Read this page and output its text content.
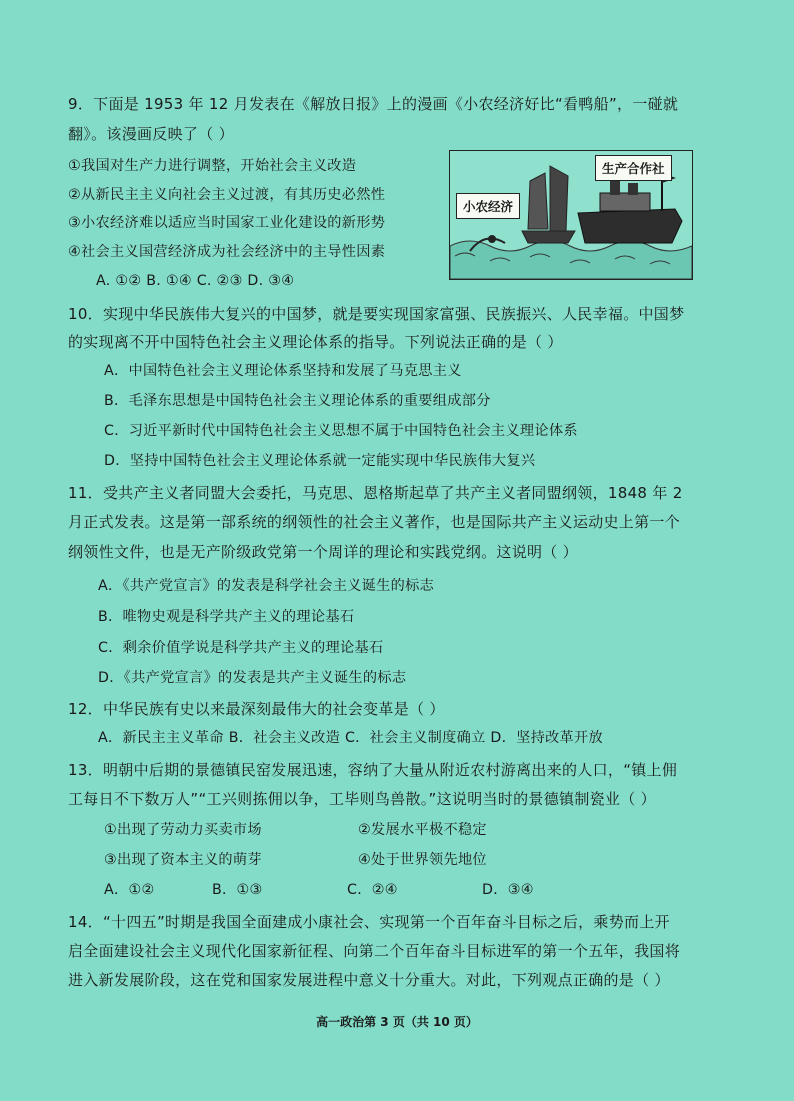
9．下面是 1953 年 12 月发表在《解放日报》上的漫画《小农经济好比“看鸭船”，一碰就
翻》。该漫画反映了（ ）
①我国对生产力进行调整，开始社会主义改造
②从新民主主义向社会主义过渡，有其历史必然性
③小农经济难以适应当时国家工业化建设的新形势
④社会主义国营经济成为社会经济中的主导性因素
A. ①② B. ①④ C. ②③ D. ③④
小农经济
生产合作社
10．实现中华民族伟大复兴的中国梦，就是要实现国家富强、民族振兴、人民幸福。中国梦
的实现离不开中国特色社会主义理论体系的指导。下列说法正确的是（ ）
A．中国特色社会主义理论体系坚持和发展了马克思主义
B．毛泽东思想是中国特色社会主义理论体系的重要组成部分
C．习近平新时代中国特色社会主义思想不属于中国特色社会主义理论体系
D．坚持中国特色社会主义理论体系就一定能实现中华民族伟大复兴
11．受共产主义者同盟大会委托，马克思、恩格斯起草了共产主义者同盟纲领，1848 年 2
月正式发表。这是第一部系统的纲领性的社会主义著作，也是国际共产主义运动史上第一个
纲领性文件，也是无产阶级政党第一个周详的理论和实践党纲。这说明（ ）
A．《共产党宣言》的发表是科学社会主义诞生的标志
B．唯物史观是科学共产主义的理论基石
C．剩余价值学说是科学共产主义的理论基石
D．《共产党宣言》的发表是共产主义诞生的标志
12．中华民族有史以来最深刻最伟大的社会变革是（ ）
A．新民主主义革命 B．社会主义改造 C．社会主义制度确立 D．坚持改革开放
13．明朝中后期的景德镇民窑发展迅速，容纳了大量从附近农村游离出来的人口，“镇上佣
工每日不下数万人”“工兴则拣佣以争，工毕则鸟兽散。”这说明当时的景德镇制瓷业（ ）
①出现了劳动力买卖市场	②发展水平极不稳定
③出现了资本主义的萌芽	④处于世界领先地位
A．①②	B．①③	C．②④	D．③④
14．“十四五”时期是我国全面建成小康社会、实现第一个百年奋斗目标之后，乘势而上开
启全面建设社会主义现代化国家新征程、向第二个百年奋斗目标进军的第一个五年，我国将
进入新发展阶段，这在党和国家发展进程中意义十分重大。对此，下列观点正确的是（ ）
高一政治第 3 页（共 10 页）
